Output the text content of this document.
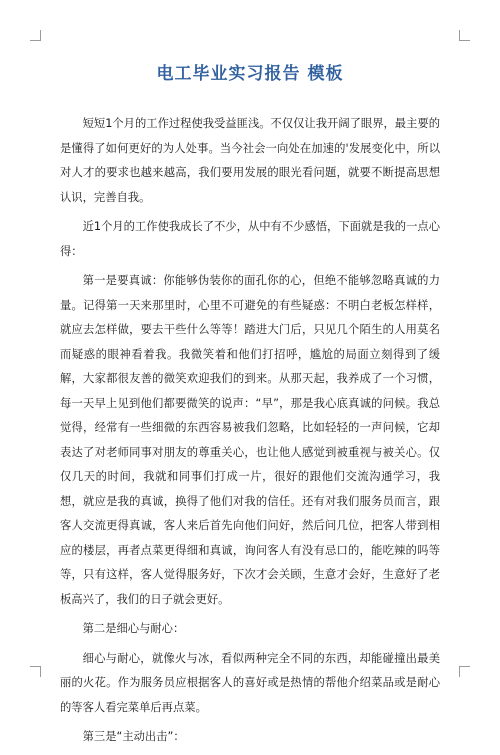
电工毕业实习报告 模板

短短1个月的工作过程使我受益匪浅。不仅仅让我开阔了眼界，最主要的是懂得了如何更好的为人处事。当今社会一向处在加速的'发展变化中，所以对人才的要求也越来越高，我们要用发展的眼光看问题，就要不断提高思想认识，完善自我。

近1个月的工作使我成长了不少，从中有不少感悟，下面就是我的一点心得：

第一是要真诚：你能够伪装你的面孔你的心，但绝不能够忽略真诚的力量。记得第一天来那里时，心里不可避免的有些疑惑：不明白老板怎样样，就应去怎样做，要去干些什么等等！踏进大门后，只见几个陌生的人用莫名而疑惑的眼神看着我。我微笑着和他们打招呼，尴尬的局面立刻得到了缓解，大家都很友善的微笑欢迎我们的到来。从那天起，我养成了一个习惯，每一天早上见到他们都要微笑的说声：“早”，那是我心底真诚的问候。我总觉得，经常有一些细微的东西容易被我们忽略，比如轻轻的一声问候，它却表达了对老师同事对朋友的尊重关心，也让他人感觉到被重视与被关心。仅仅几天的时间，我就和同事们打成一片，很好的跟他们交流沟通学习，我想，就应是我的真诚，换得了他们对我的信任。还有对我们服务员而言，跟客人交流更得真诚，客人来后首先向他们问好，然后问几位，把客人带到相应的楼层，再者点菜更得细和真诚，询问客人有没有忌口的，能吃辣的吗等等，只有这样，客人觉得服务好，下次才会关顾，生意才会好，生意好了老板高兴了，我们的日子就会更好。

第二是细心与耐心：

细心与耐心，就像火与冰，看似两种完全不同的东西，却能碰撞出最美丽的火花。作为服务员应根据客人的喜好或是热情的帮他介绍菜品或是耐心的等客人看完菜单后再点菜。

第三是“主动出击”：
